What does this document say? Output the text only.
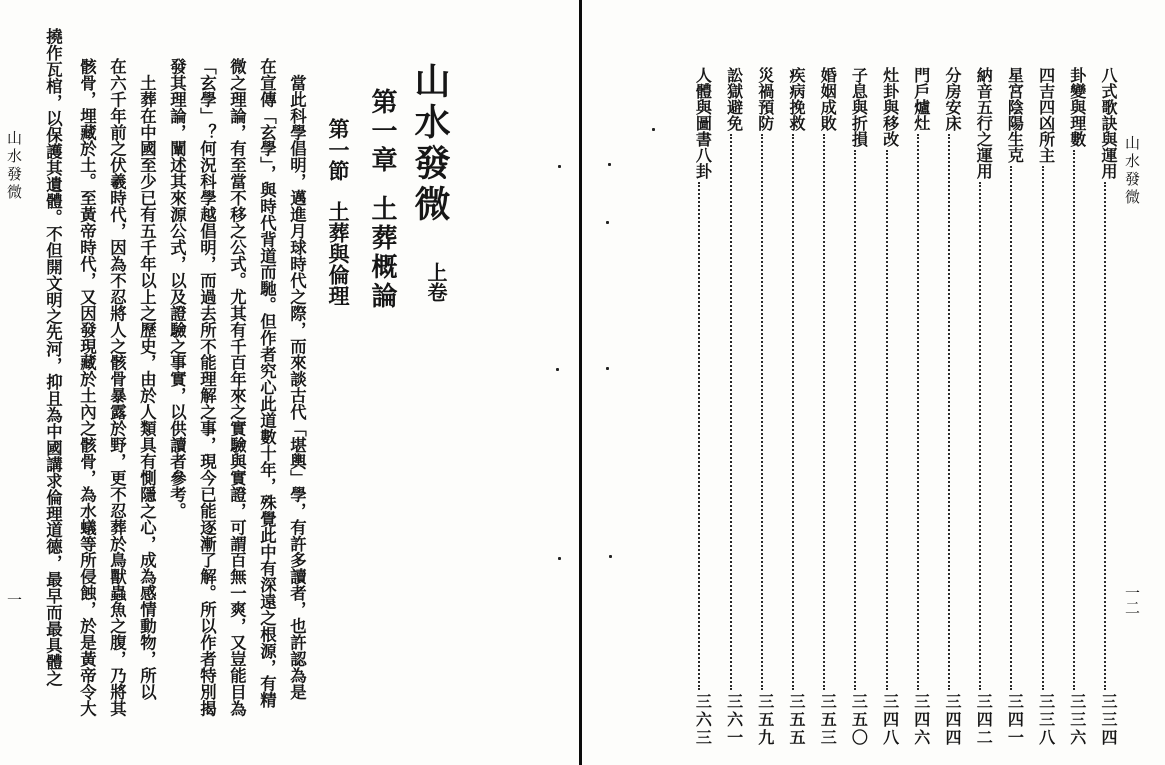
山水發微
上卷
第一章土葬概論
第一節土葬與倫理
　當此科學倡明，邁進月球時代之際，而來談古代「堪輿」學，有許多讀者，也許認為是
在宣傳「玄學」，與時代背道而馳。但作者究心此道數十年，殊覺此中有深遠之根源，有精
微之理論，有至當不移之公式。尤其有千百年來之實驗與實證，可謂百無一爽，又豈能目為
「玄學」？何況科學越倡明，而過去所不能理解之事，現今已能逐漸了解。所以作者特別揭
發其理論，闡述其來源公式，以及證驗之事實，以供讀者參考。
　土葬在中國至少已有五千年以上之歷史，由於人類具有惻隱之心，成為感情動物，所以
在六千年前之伏羲時代，因為不忍將人之骸骨暴露於野，更不忍葬於鳥獸蟲魚之腹，乃將其
骸骨，埋藏於土。至黃帝時代，又因發現藏於土內之骸骨，為水蟻等所侵蝕，於是黃帝令大
撓作瓦棺，以保護其遺體。不但開文明之先河，抑且為中國講求倫理道德，最早而最具體之
山水發微
一
山水發微
一二
八式歌訣與運用
三三四
卦變與理數
三三六
四吉四凶所主
三三八
星宮陰陽生克
三四一
納音五行之運用
三四二
分房安床
三四四
門戶爐灶
三四六
灶卦與移改
三四八
子息與折損
三五〇
婚姻成敗
三五三
疾病挽救
三五五
災禍預防
三五九
訟獄避免
三六一
人體與圖書八卦
三六三
